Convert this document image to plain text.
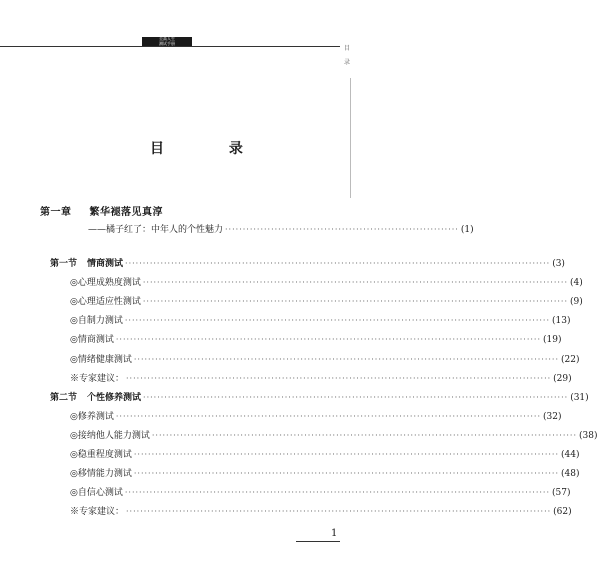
至高人生
测试手册
目
录
目 录
第一章 繁华褪落见真淳
——橘子红了：中年人的个性魅力 ·································································· (1)
第一节 情商测试 ························································································································ (3)
◎心理成熟度测试 ························································································································ (4)
◎心理适应性测试 ························································································································ (9)
◎自制力测试 ························································································································ (13)
◎情商测试 ························································································································ (19)
◎情绪健康测试 ························································································································ (22)
※专家建议： ························································································································ (29)
第二节 个性修养测试 ························································································································ (31)
◎修养测试 ························································································································ (32)
◎接纳他人能力测试 ························································································································ (38)
◎稳重程度测试 ························································································································ (44)
◎移情能力测试 ························································································································ (48)
◎自信心测试 ························································································································ (57)
※专家建议： ························································································································ (62)
1
